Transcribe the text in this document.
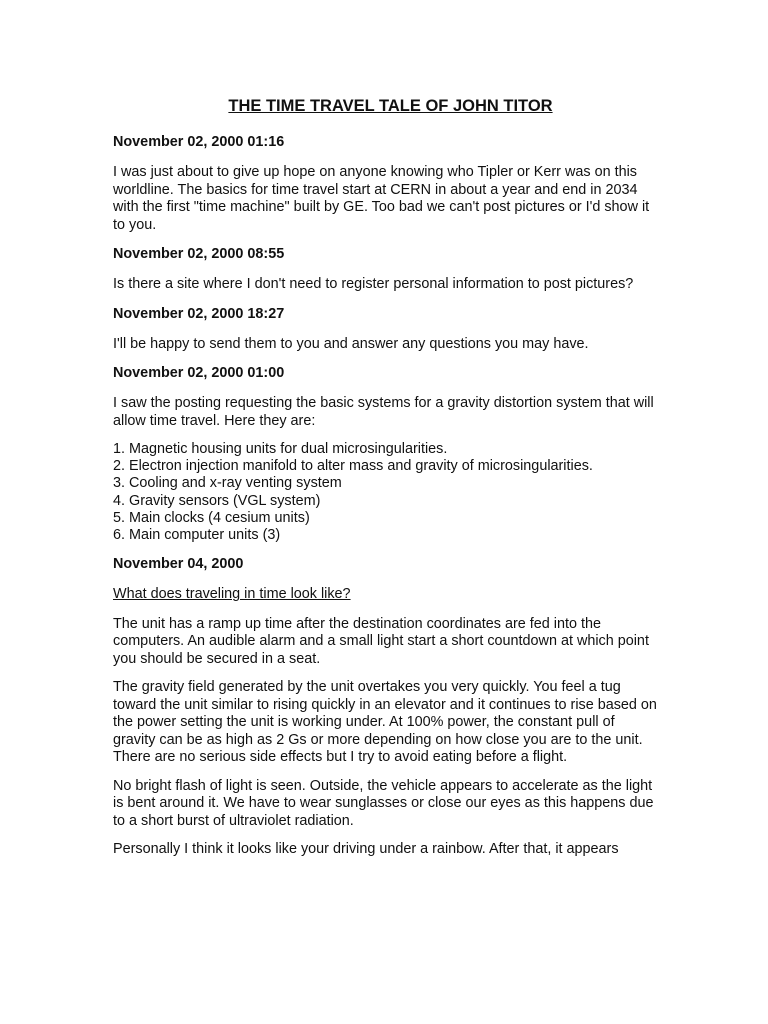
THE TIME TRAVEL TALE OF JOHN TITOR
November 02, 2000 01:16
I was just about to give up hope on anyone knowing who Tipler or Kerr was on this worldline. The basics for time travel start at CERN in about a year and end in 2034 with the first "time machine" built by GE. Too bad we can't post pictures or I'd show it to you.
November 02, 2000 08:55
Is there a site where I don't need to register personal information to post pictures?
November 02, 2000 18:27
I'll be happy to send them to you and answer any questions you may have.
November 02, 2000 01:00
I saw the posting requesting the basic systems for a gravity distortion system that will allow time travel. Here they are:
1. Magnetic housing units for dual microsingularities.
2. Electron injection manifold to alter mass and gravity of microsingularities.
3. Cooling and x-ray venting system
4. Gravity sensors (VGL system)
5. Main clocks (4 cesium units)
6. Main computer units (3)
November 04, 2000
What does traveling in time look like?
The unit has a ramp up time after the destination coordinates are fed into the computers. An audible alarm and a small light start a short countdown at which point you should be secured in a seat.
The gravity field generated by the unit overtakes you very quickly. You feel a tug toward the unit similar to rising quickly in an elevator and it continues to rise based on the power setting the unit is working under. At 100% power, the constant pull of gravity can be as high as 2 Gs or more depending on how close you are to the unit. There are no serious side effects but I try to avoid eating before a flight.
No bright flash of light is seen. Outside, the vehicle appears to accelerate as the light is bent around it. We have to wear sunglasses or close our eyes as this happens due to a short burst of ultraviolet radiation.
Personally I think it looks like your driving under a rainbow. After that, it appears
